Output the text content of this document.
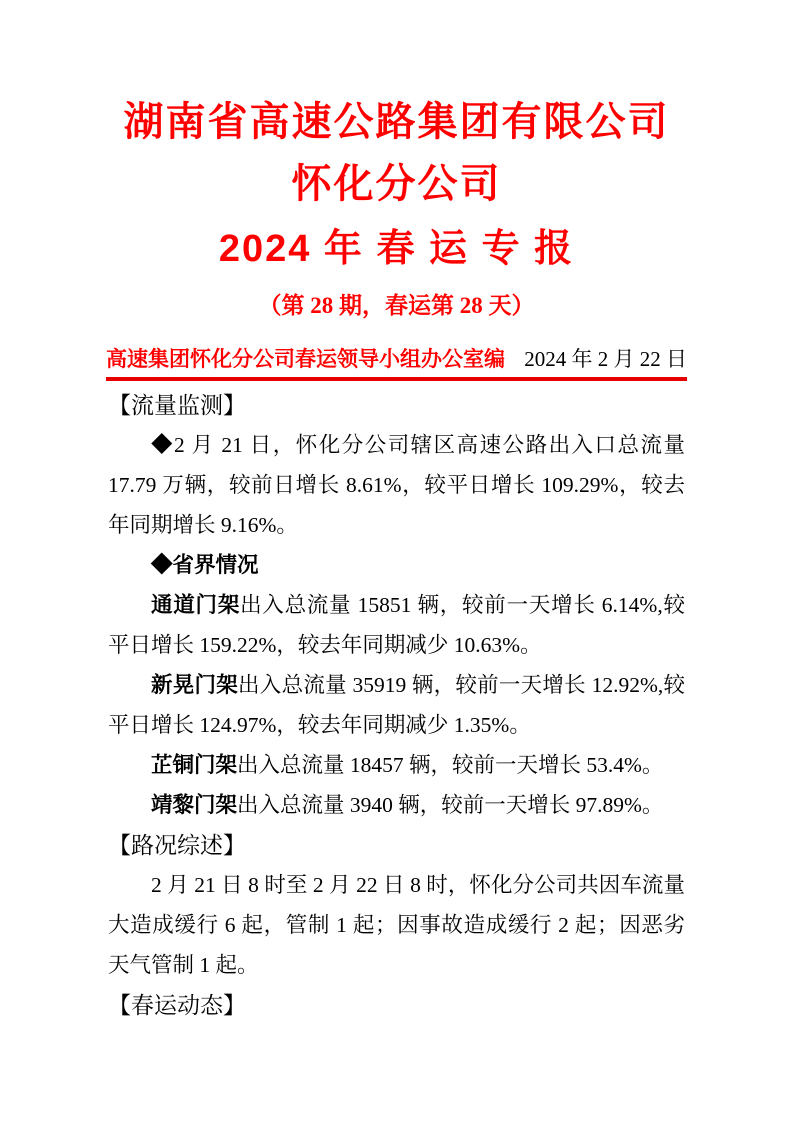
湖南省高速公路集团有限公司
怀化分公司
2024 年 春 运 专 报
（第 28 期，春运第 28 天）
高速集团怀化分公司春运领导小组办公室编 2024 年 2 月 22 日
【流量监测】

◆2 月 21 日，怀化分公司辖区高速公路出入口总流量 17.79 万辆，较前日增长 8.61%，较平日增长 109.29%，较去年同期增长 9.16%。

◆省界情况

通道门架出入总流量 15851 辆，较前一天增长 6.14%,较平日增长 159.22%，较去年同期减少 10.63%。

新晃门架出入总流量 35919 辆，较前一天增长 12.92%,较平日增长 124.97%，较去年同期减少 1.35%。

芷铜门架出入总流量 18457 辆，较前一天增长 53.4%。

靖黎门架出入总流量 3940 辆，较前一天增长 97.89%。

【路况综述】

2 月 21 日 8 时至 2 月 22 日 8 时，怀化分公司共因车流量大造成缓行 6 起，管制 1 起；因事故造成缓行 2 起；因恶劣天气管制 1 起。

【春运动态】
